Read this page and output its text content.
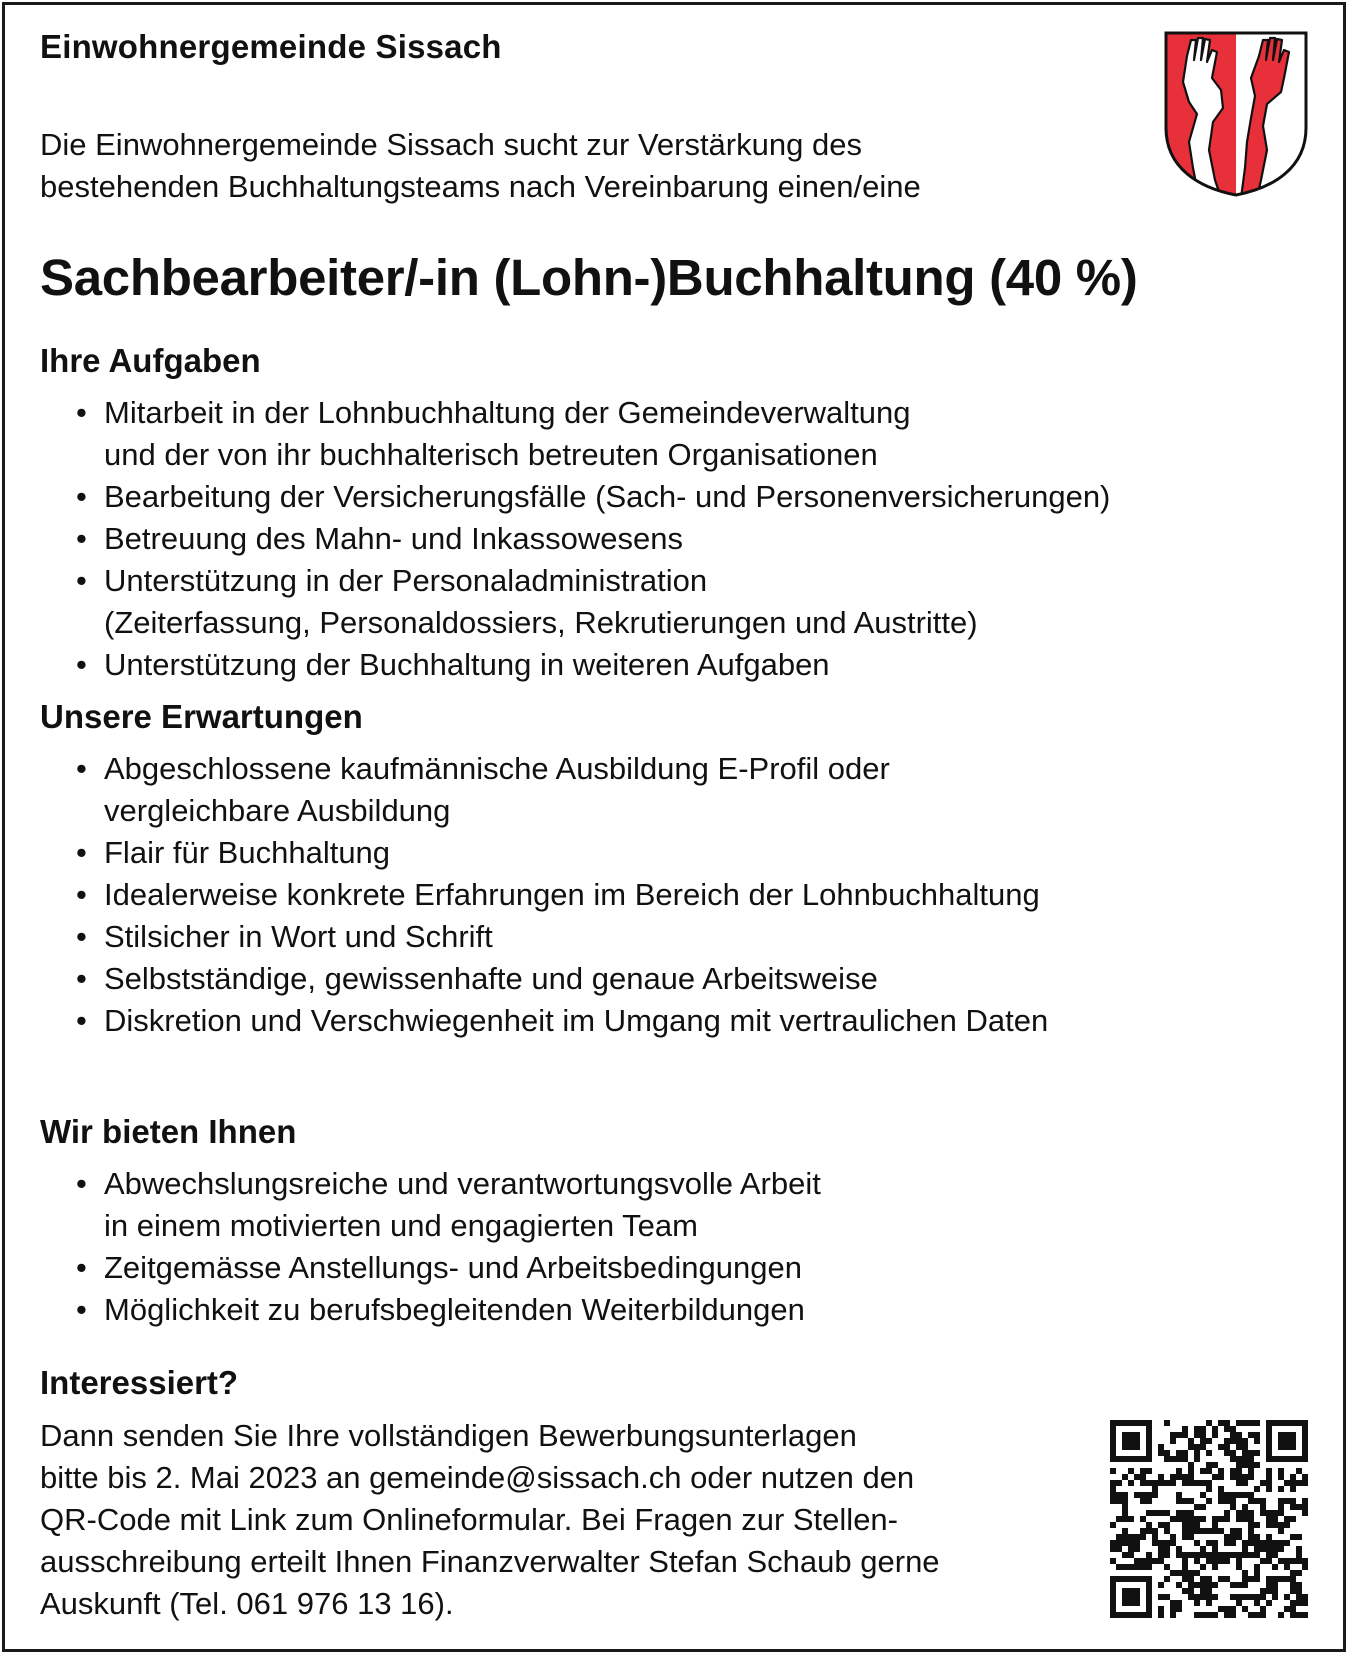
Einwohnergemeinde Sissach
Die Einwohnergemeinde Sissach sucht zur Verstärkung des
bestehenden Buchhaltungsteams nach Vereinbarung einen/eine
Sachbearbeiter/-in (Lohn-)Buchhaltung (40 %)
Ihre Aufgaben
• Mitarbeit in der Lohnbuchhaltung der Gemeindeverwaltung
und der von ihr buchhalterisch betreuten Organisationen
• Bearbeitung der Versicherungsfälle (Sach- und Personenversicherungen)
• Betreuung des Mahn- und Inkassowesens
• Unterstützung in der Personaladministration
(Zeiterfassung, Personaldossiers, Rekrutierungen und Austritte)
• Unterstützung der Buchhaltung in weiteren Aufgaben
Unsere Erwartungen
• Abgeschlossene kaufmännische Ausbildung E-Profil oder
vergleichbare Ausbildung
• Flair für Buchhaltung
• Idealerweise konkrete Erfahrungen im Bereich der Lohnbuchhaltung
• Stilsicher in Wort und Schrift
• Selbstständige, gewissenhafte und genaue Arbeitsweise
• Diskretion und Verschwiegenheit im Umgang mit vertraulichen Daten
Wir bieten Ihnen
• Abwechslungsreiche und verantwortungsvolle Arbeit
in einem motivierten und engagierten Team
• Zeitgemässe Anstellungs- und Arbeitsbedingungen
• Möglichkeit zu berufsbegleitenden Weiterbildungen
Interessiert?
Dann senden Sie Ihre vollständigen Bewerbungsunterlagen
bitte bis 2. Mai 2023 an gemeinde@sissach.ch oder nutzen den
QR-Code mit Link zum Onlineformular. Bei Fragen zur Stellen-
ausschreibung erteilt Ihnen Finanzverwalter Stefan Schaub gerne
Auskunft (Tel. 061 976 13 16).
